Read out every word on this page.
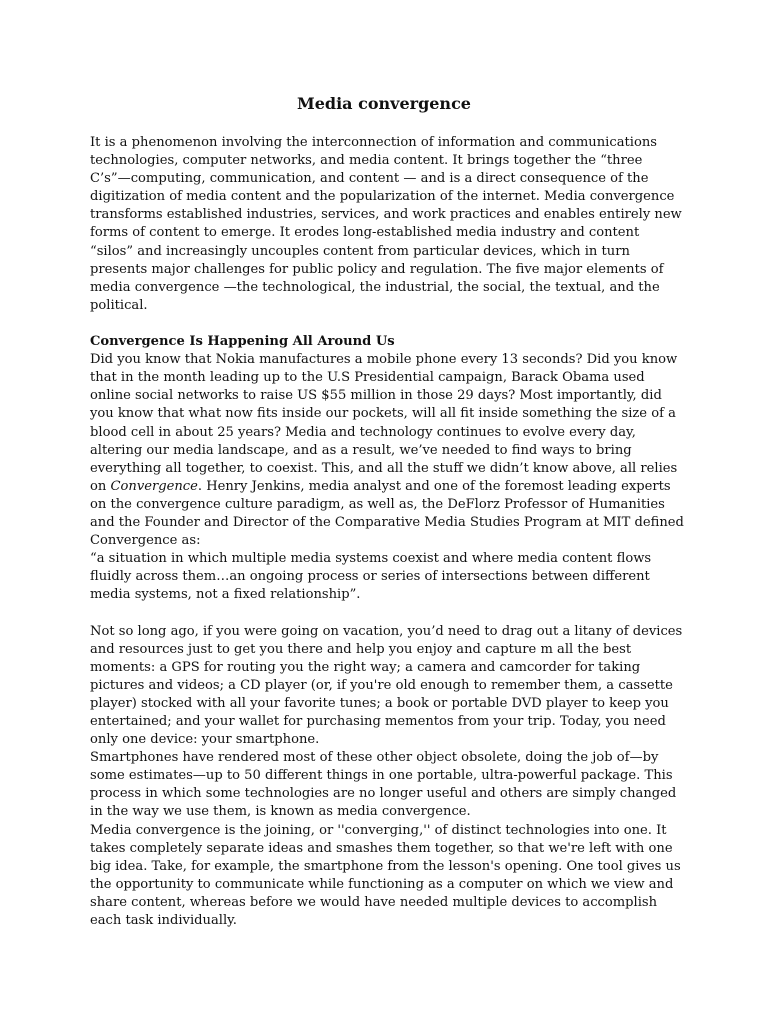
Media convergence

It is a phenomenon involving the interconnection of information and communications technologies, computer networks, and media content. It brings together the “three C’s”—computing, communication, and content — and is a direct consequence of the digitization of media content and the popularization of the internet. Media convergence transforms established industries, services, and work practices and enables entirely new forms of content to emerge. It erodes long-established media industry and content “silos” and increasingly uncouples content from particular devices, which in turn presents major challenges for public policy and regulation. The five major elements of media convergence —the technological, the industrial, the social, the textual, and the political.

Convergence Is Happening All Around Us

Did you know that Nokia manufactures a mobile phone every 13 seconds? Did you know that in the month leading up to the U.S Presidential campaign, Barack Obama used online social networks to raise US $55 million in those 29 days? Most importantly, did you know that what now fits inside our pockets, will all fit inside something the size of a blood cell in about 25 years? Media and technology continues to evolve every day, altering our media landscape, and as a result, we’ve needed to find ways to bring everything all together, to coexist. This, and all the stuff we didn’t know above, all relies on Convergence. Henry Jenkins, media analyst and one of the foremost leading experts on the convergence culture paradigm, as well as, the DeFlorz Professor of Humanities and the Founder and Director of the Comparative Media Studies Program at MIT defined Convergence as:

“a situation in which multiple media systems coexist and where media content flows fluidly across them…an ongoing process or series of intersections between different media systems, not a fixed relationship”.

Not so long ago, if you were going on vacation, you’d need to drag out a litany of devices and resources just to get you there and help you enjoy and capture m all the best moments: a GPS for routing you the right way; a camera and camcorder for taking pictures and videos; a CD player (or, if you're old enough to remember them, a cassette player) stocked with all your favorite tunes; a book or portable DVD player to keep you entertained; and your wallet for purchasing mementos from your trip. Today, you need only one device: your smartphone.

Smartphones have rendered most of these other object obsolete, doing the job of—by some estimates—up to 50 different things in one portable, ultra-powerful package. This process in which some technologies are no longer useful and others are simply changed in the way we use them, is known as media convergence.

Media convergence is the joining, or ''converging,'' of distinct technologies into one. It takes completely separate ideas and smashes them together, so that we're left with one big idea. Take, for example, the smartphone from the lesson's opening. One tool gives us the opportunity to communicate while functioning as a computer on which we view and share content, whereas before we would have needed multiple devices to accomplish each task individually.
